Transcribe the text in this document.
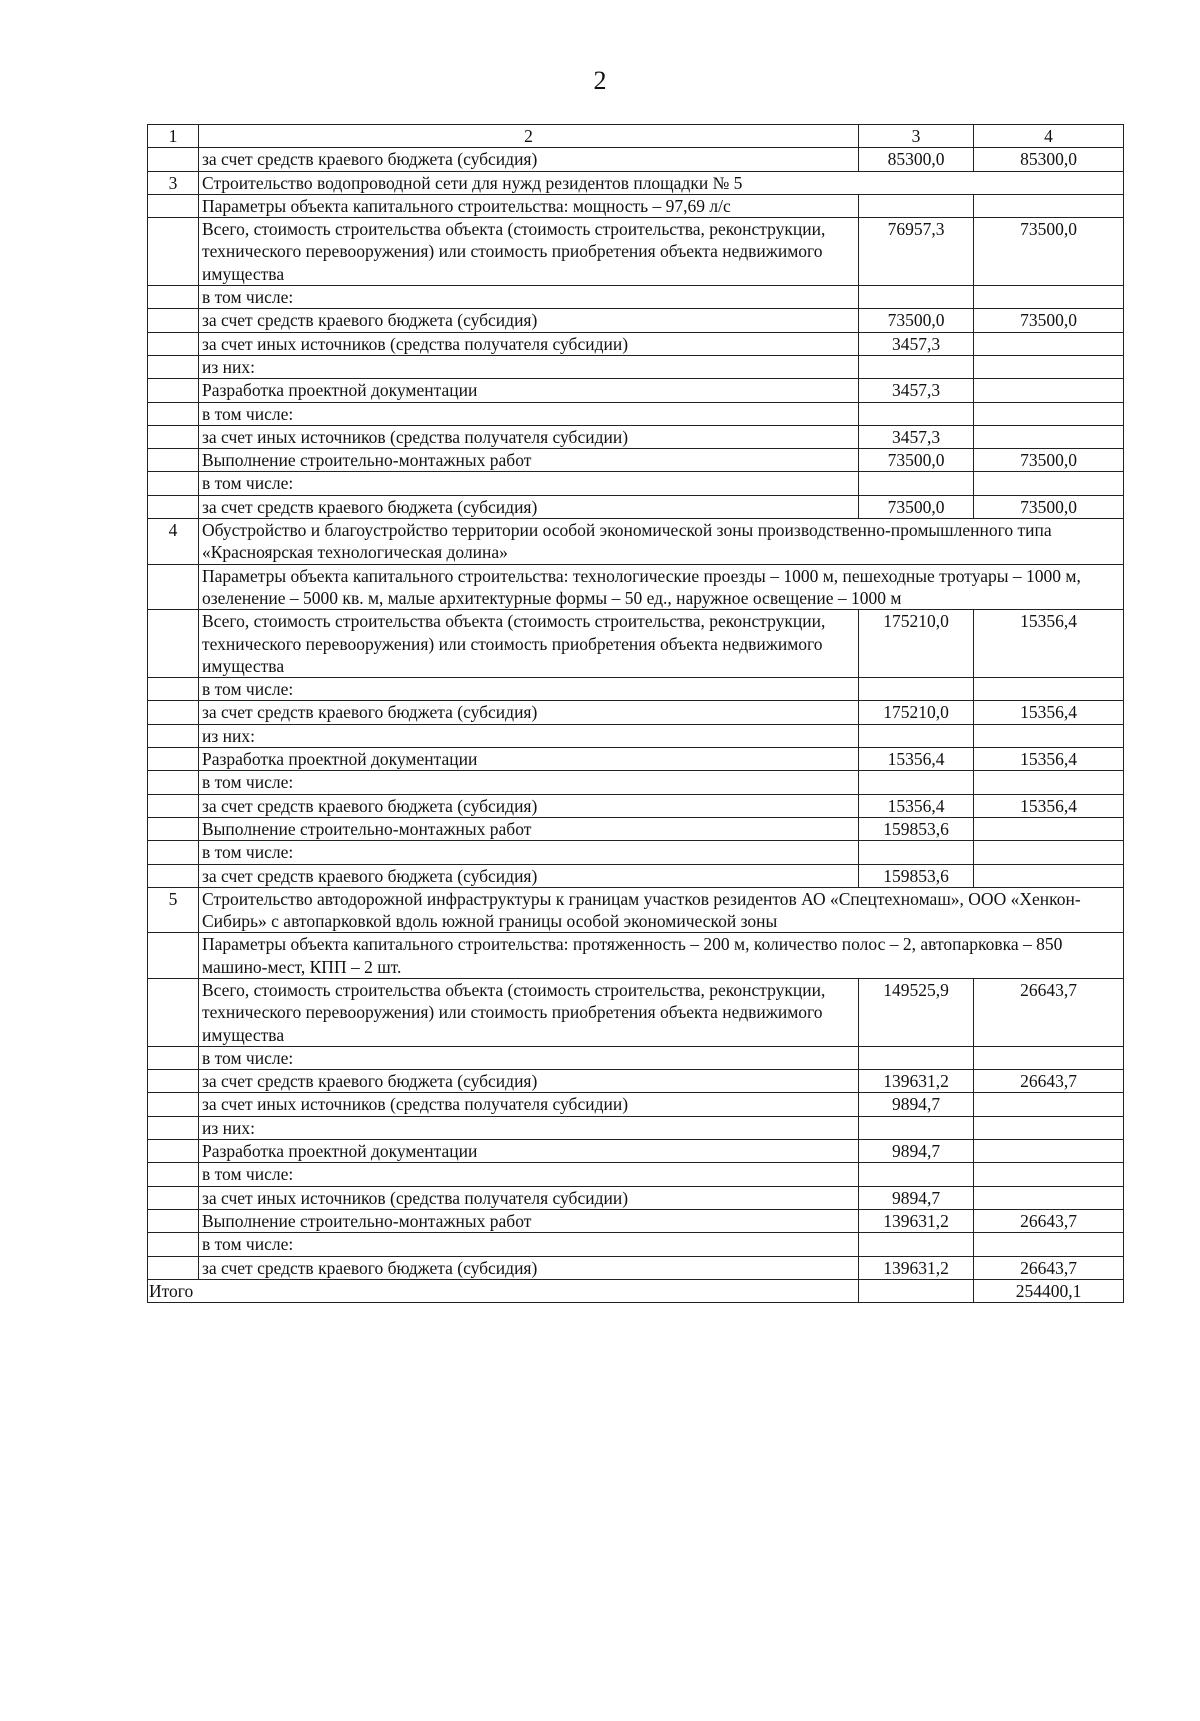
2
1	2	3	4
	за счет средств краевого бюджета (субсидия)	85300,0	85300,0
3	Строительство водопроводной сети для нужд резидентов площадки № 5		
	Параметры объекта капитального строительства: мощность – 97,69 л/с		
	Всего, стоимость строительства объекта (стоимость строительства, реконструкции, технического перевооружения) или стоимость приобретения объекта недвижимого имущества	76957,3	73500,0
	в том числе:		
	за счет средств краевого бюджета (субсидия)	73500,0	73500,0
	за счет иных источников (средства получателя субсидии)	3457,3	
	из них:		
	Разработка проектной документации	3457,3	
	в том числе:		
	за счет иных источников (средства получателя субсидии)	3457,3	
	Выполнение строительно-монтажных работ	73500,0	73500,0
	в том числе:		
	за счет средств краевого бюджета (субсидия)	73500,0	73500,0
4	Обустройство и благоустройство территории особой экономической зоны производственно-промышленного типа «Красноярская технологическая долина»		
	Параметры объекта капитального строительства: технологические проезды – 1000 м, пешеходные тротуары – 1000 м, озеленение – 5000 кв. м, малые архитектурные формы – 50 ед., наружное освещение – 1000 м		
	Всего, стоимость строительства объекта (стоимость строительства, реконструкции, технического перевооружения) или стоимость приобретения объекта недвижимого имущества	175210,0	15356,4
	в том числе:		
	за счет средств краевого бюджета (субсидия)	175210,0	15356,4
	из них:		
	Разработка проектной документации	15356,4	15356,4
	в том числе:		
	за счет средств краевого бюджета (субсидия)	15356,4	15356,4
	Выполнение строительно-монтажных работ	159853,6	
	в том числе:		
	за счет средств краевого бюджета (субсидия)	159853,6	
5	Строительство автодорожной инфраструктуры к границам участков резидентов АО «Спецтехномаш», ООО «Хенкон-Сибирь» с автопарковкой вдоль южной границы особой экономической зоны		
	Параметры объекта капитального строительства: протяженность – 200 м, количество полос – 2, автопарковка – 850 машино-мест, КПП – 2 шт.		
	Всего, стоимость строительства объекта (стоимость строительства, реконструкции, технического перевооружения) или стоимость приобретения объекта недвижимого имущества	149525,9	26643,7
	в том числе:		
	за счет средств краевого бюджета (субсидия)	139631,2	26643,7
	за счет иных источников (средства получателя субсидии)	9894,7	
	из них:		
	Разработка проектной документации	9894,7	
	в том числе:		
	за счет иных источников (средства получателя субсидии)	9894,7	
	Выполнение строительно-монтажных работ	139631,2	26643,7
	в том числе:		
	за счет средств краевого бюджета (субсидия)	139631,2	26643,7
Итого			254400,1
